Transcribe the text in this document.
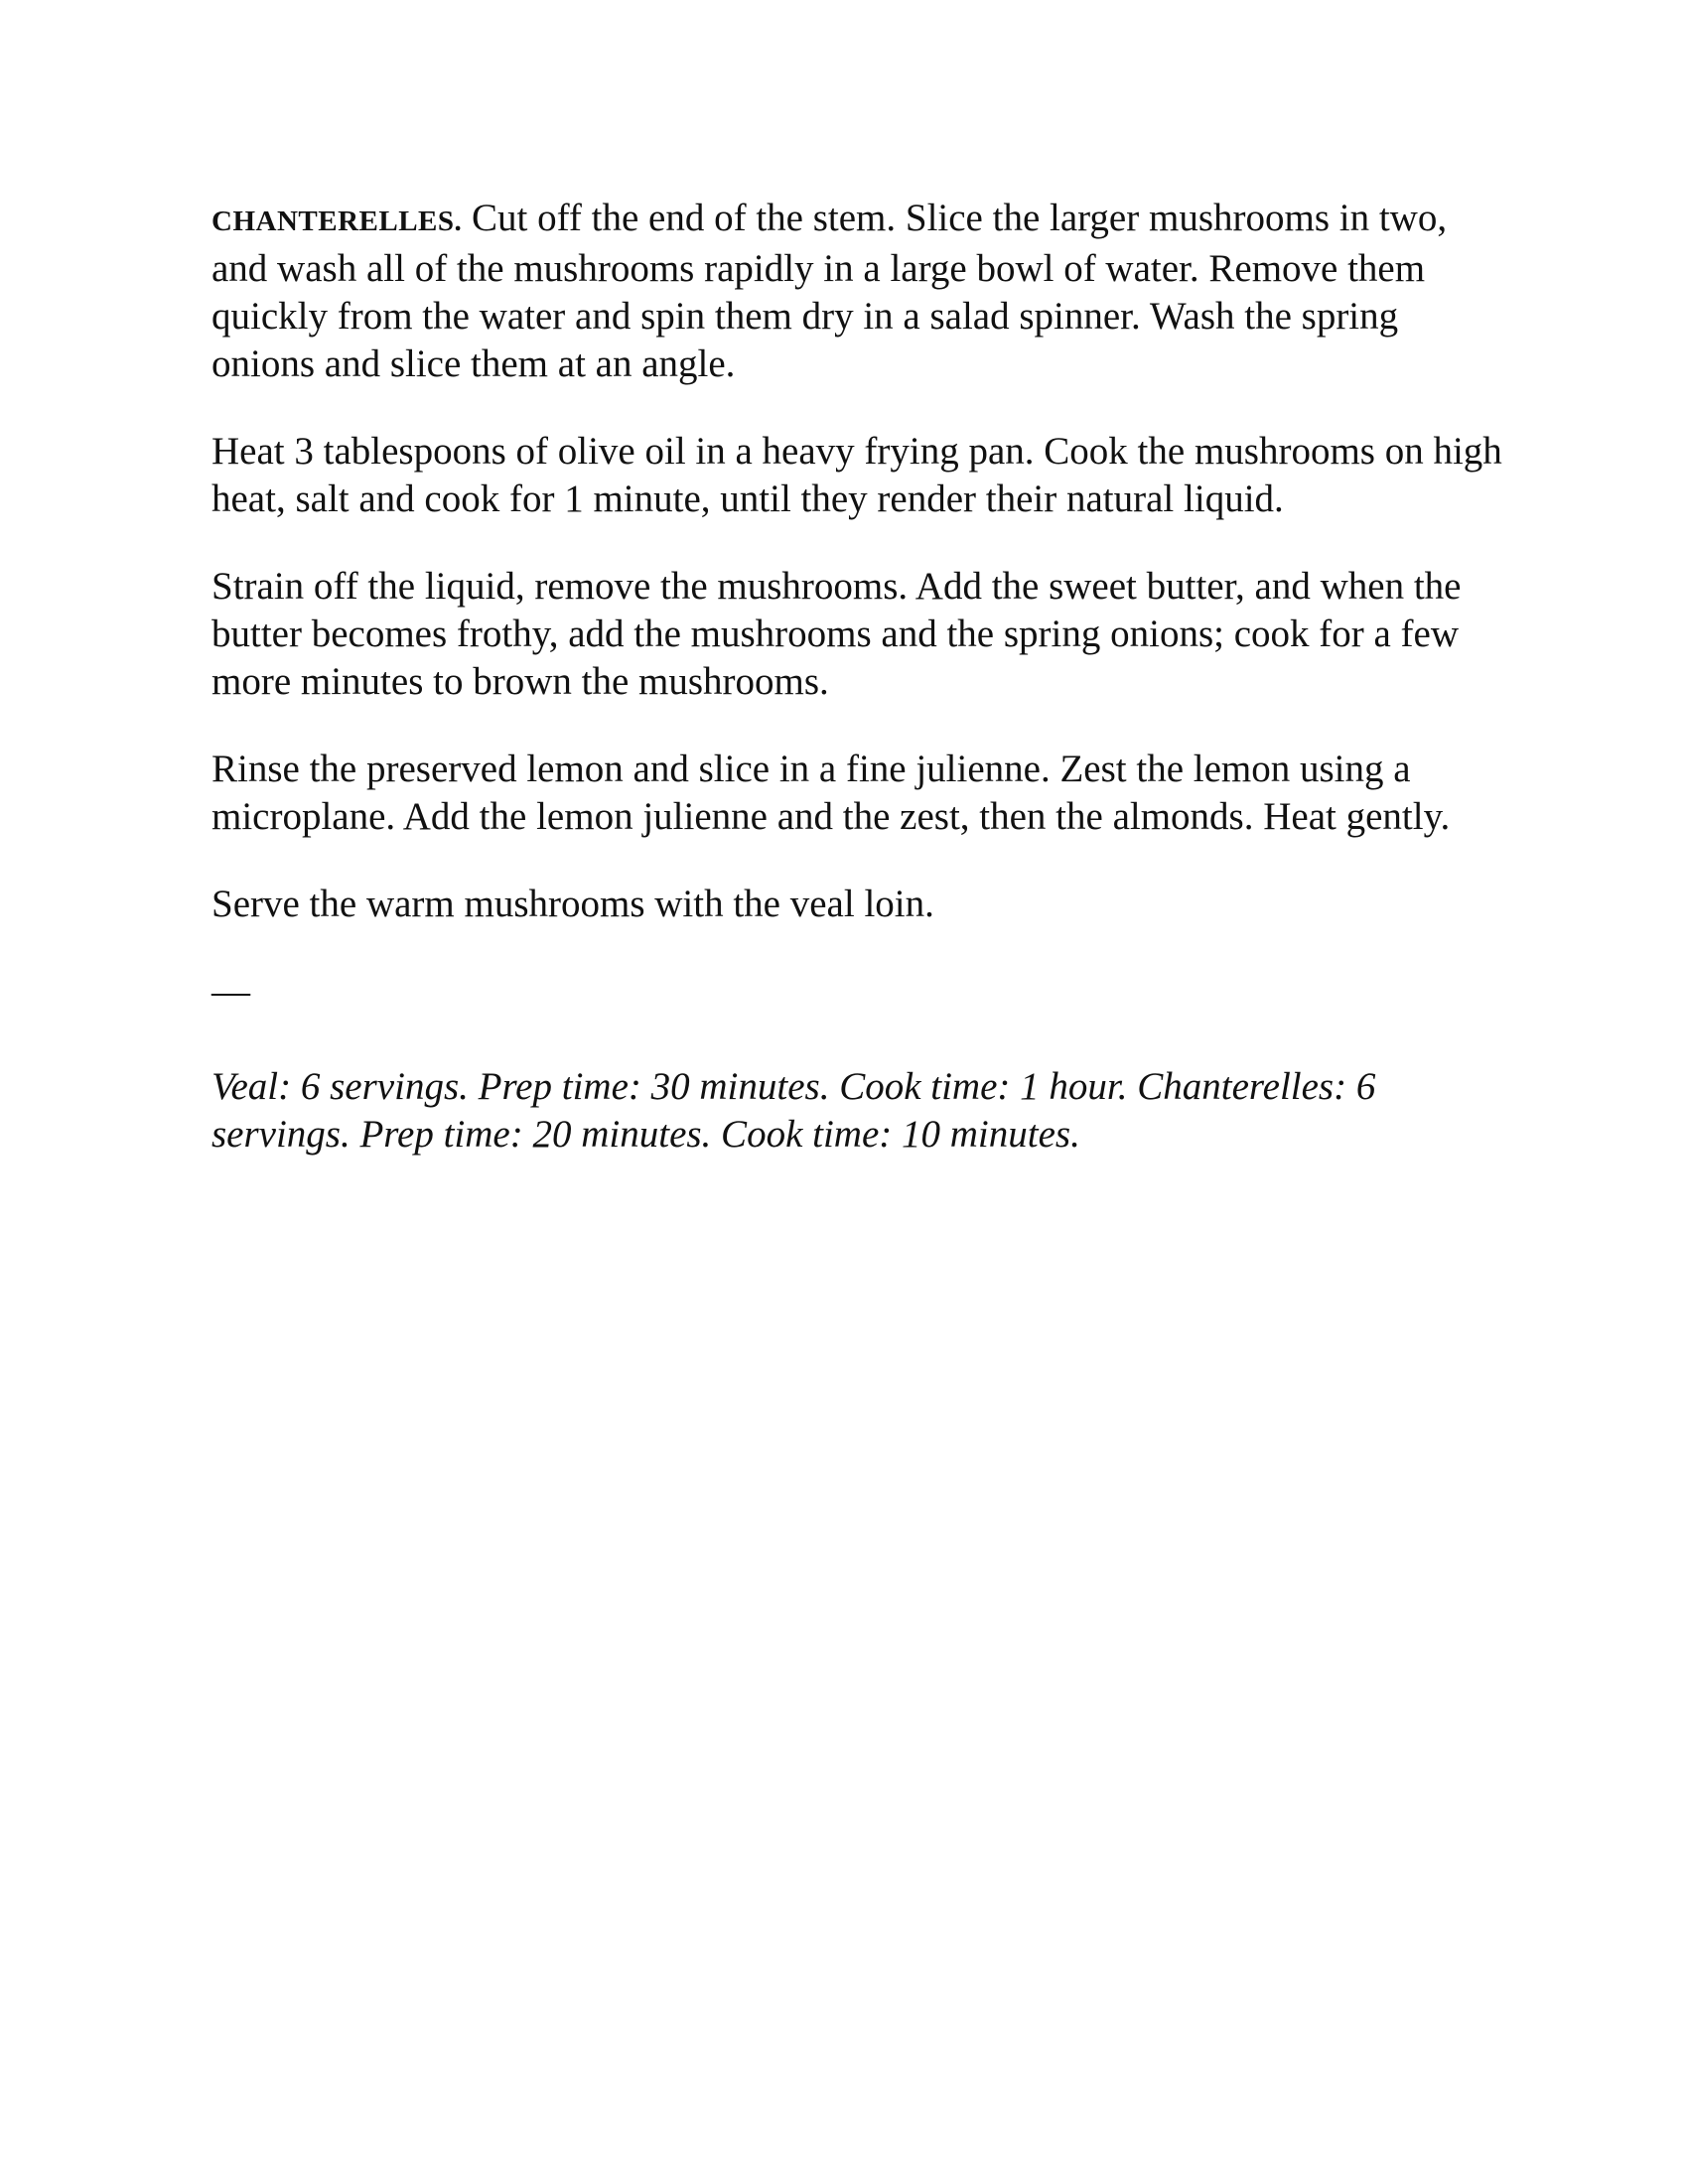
CHANTERELLES. Cut off the end of the stem. Slice the larger mushrooms in two, and wash all of the mushrooms rapidly in a large bowl of water. Remove them quickly from the water and spin them dry in a salad spinner. Wash the spring onions and slice them at an angle.

Heat 3 tablespoons of olive oil in a heavy frying pan. Cook the mushrooms on high heat, salt and cook for 1 minute, until they render their natural liquid.

Strain off the liquid, remove the mushrooms. Add the sweet butter, and when the butter becomes frothy, add the mushrooms and the spring onions; cook for a few more minutes to brown the mushrooms.

Rinse the preserved lemon and slice in a fine julienne. Zest the lemon using a microplane. Add the lemon julienne and the zest, then the almonds. Heat gently.

Serve the warm mushrooms with the veal loin.

—

Veal: 6 servings. Prep time: 30 minutes. Cook time: 1 hour. Chanterelles: 6 servings. Prep time: 20 minutes. Cook time: 10 minutes.
